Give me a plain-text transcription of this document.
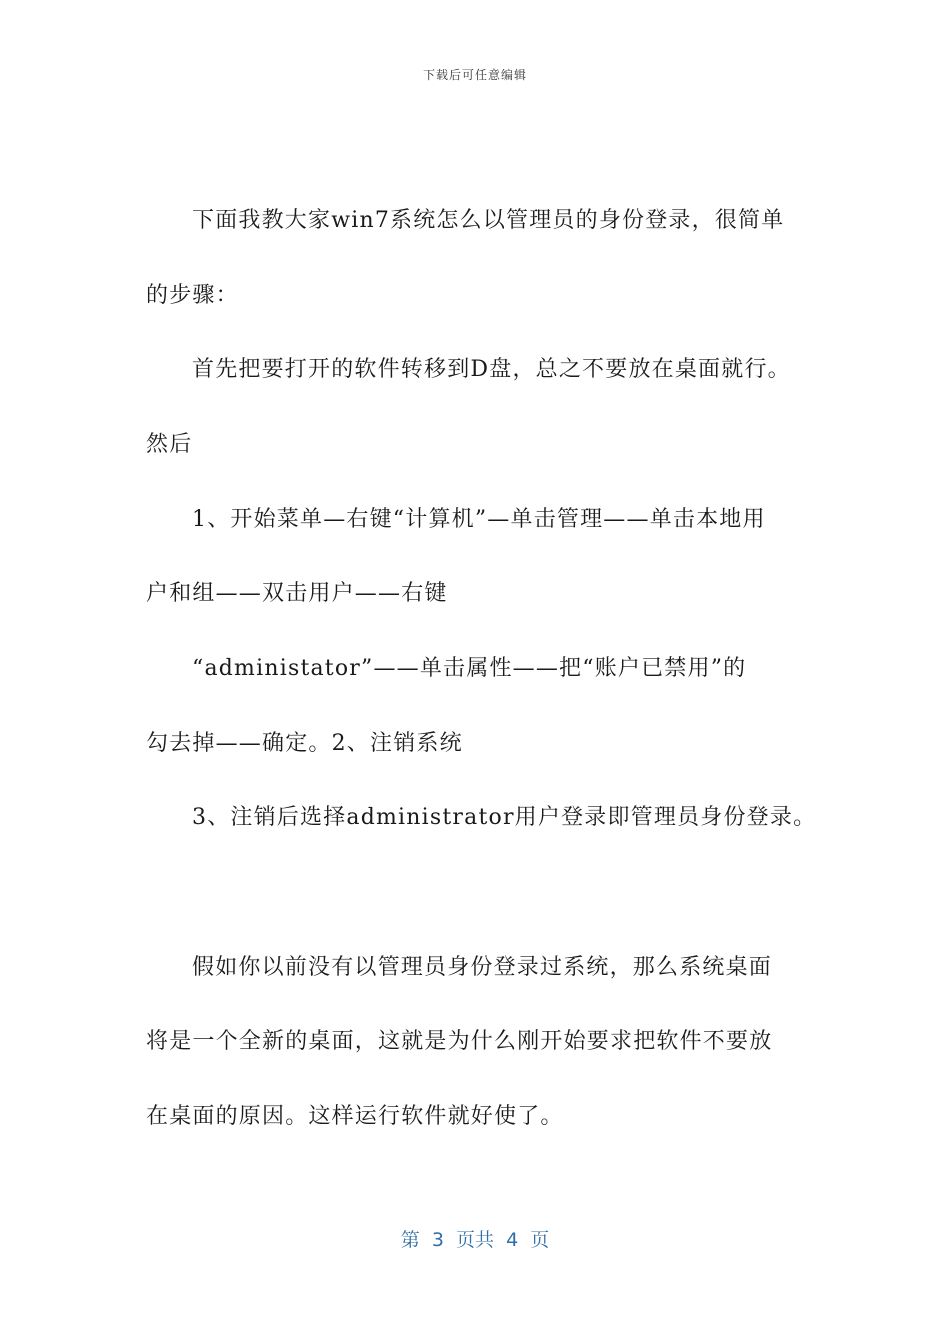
下载后可任意编辑
下面我教大家win7系统怎么以管理员的身份登录，很简单
的步骤：
首先把要打开的软件转移到D盘，总之不要放在桌面就行。
然后
1、开始菜单—右键“计算机”—单击管理——单击本地用
户和组——双击用户——右键
“administator”——单击属性——把“账户已禁用”的
勾去掉——确定。2、注销系统
3、注销后选择administrator用户登录即管理员身份登录。
假如你以前没有以管理员身份登录过系统，那么系统桌面
将是一个全新的桌面，这就是为什么刚开始要求把软件不要放
在桌面的原因。这样运行软件就好使了。
第  3  页共  4  页
